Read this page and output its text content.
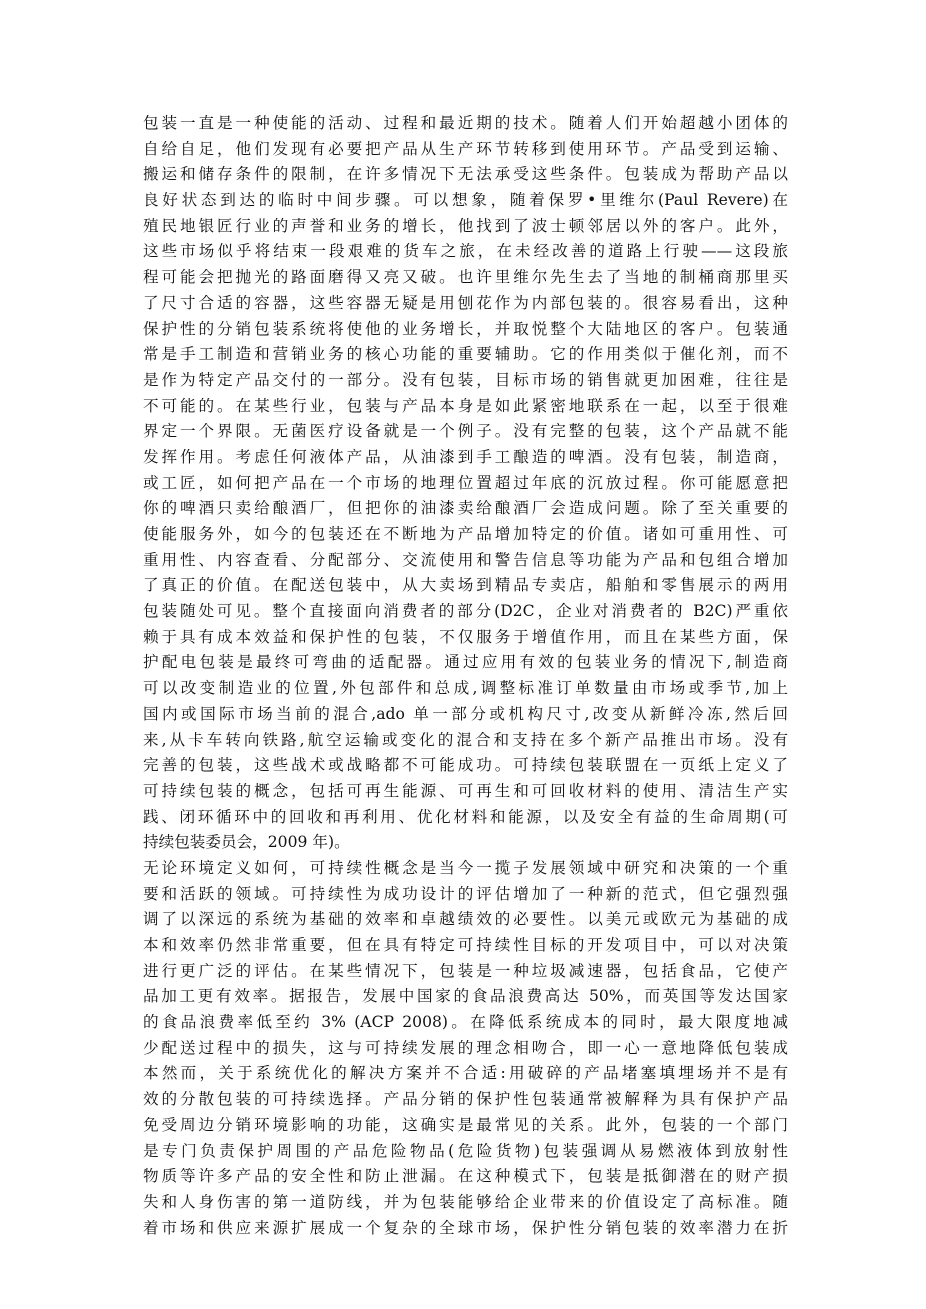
包装一直是一种使能的活动、过程和最近期的技术。随着人们开始超越小团体的
自给自足，他们发现有必要把产品从生产环节转移到使用环节。产品受到运输、
搬运和储存条件的限制，在许多情况下无法承受这些条件。包装成为帮助产品以
良好状态到达的临时中间步骤。可以想象，随着保罗•里维尔(Paul Revere)在
殖民地银匠行业的声誉和业务的增长，他找到了波士顿邻居以外的客户。此外，
这些市场似乎将结束一段艰难的货车之旅，在未经改善的道路上行驶——这段旅
程可能会把抛光的路面磨得又亮又破。也许里维尔先生去了当地的制桶商那里买
了尺寸合适的容器，这些容器无疑是用刨花作为内部包装的。很容易看出，这种
保护性的分销包装系统将使他的业务增长，并取悦整个大陆地区的客户。包装通
常是手工制造和营销业务的核心功能的重要辅助。它的作用类似于催化剂，而不
是作为特定产品交付的一部分。没有包装，目标市场的销售就更加困难，往往是
不可能的。在某些行业，包装与产品本身是如此紧密地联系在一起，以至于很难
界定一个界限。无菌医疗设备就是一个例子。没有完整的包装，这个产品就不能
发挥作用。考虑任何液体产品，从油漆到手工酿造的啤酒。没有包装，制造商，
或工匠，如何把产品在一个市场的地理位置超过年底的沉放过程。你可能愿意把
你的啤酒只卖给酿酒厂，但把你的油漆卖给酿酒厂会造成问题。除了至关重要的
使能服务外，如今的包装还在不断地为产品增加特定的价值。诸如可重用性、可
重用性、内容查看、分配部分、交流使用和警告信息等功能为产品和包组合增加
了真正的价值。在配送包装中，从大卖场到精品专卖店，船舶和零售展示的两用
包装随处可见。整个直接面向消费者的部分(D2C，企业对消费者的 B2C)严重依
赖于具有成本效益和保护性的包装，不仅服务于增值作用，而且在某些方面，保
护配电包装是最终可弯曲的适配器。通过应用有效的包装业务的情况下,制造商
可以改变制造业的位置,外包部件和总成,调整标准订单数量由市场或季节,加上
国内或国际市场当前的混合,ado 单一部分或机构尺寸,改变从新鲜冷冻,然后回
来,从卡车转向铁路,航空运输或变化的混合和支持在多个新产品推出市场。没有
完善的包装，这些战术或战略都不可能成功。可持续包装联盟在一页纸上定义了
可持续包装的概念，包括可再生能源、可再生和可回收材料的使用、清洁生产实
践、闭环循环中的回收和再利用、优化材料和能源，以及安全有益的生命周期(可
持续包装委员会，2009 年)。
无论环境定义如何，可持续性概念是当今一揽子发展领域中研究和决策的一个重
要和活跃的领域。可持续性为成功设计的评估增加了一种新的范式，但它强烈强
调了以深远的系统为基础的效率和卓越绩效的必要性。以美元或欧元为基础的成
本和效率仍然非常重要，但在具有特定可持续性目标的开发项目中，可以对决策
进行更广泛的评估。在某些情况下，包装是一种垃圾减速器，包括食品，它使产
品加工更有效率。据报告，发展中国家的食品浪费高达 50%，而英国等发达国家
的食品浪费率低至约 3% (ACP 2008)。在降低系统成本的同时，最大限度地减
少配送过程中的损失，这与可持续发展的理念相吻合，即一心一意地降低包装成
本然而，关于系统优化的解决方案并不合适:用破碎的产品堵塞填埋场并不是有
效的分散包装的可持续选择。产品分销的保护性包装通常被解释为具有保护产品
免受周边分销环境影响的功能，这确实是最常见的关系。此外，包装的一个部门
是专门负责保护周围的产品危险物品(危险货物)包装强调从易燃液体到放射性
物质等许多产品的安全性和防止泄漏。在这种模式下，包装是抵御潜在的财产损
失和人身伤害的第一道防线，并为包装能够给企业带来的价值设定了高标准。随
着市场和供应来源扩展成一个复杂的全球市场，保护性分销包装的效率潜力在折
